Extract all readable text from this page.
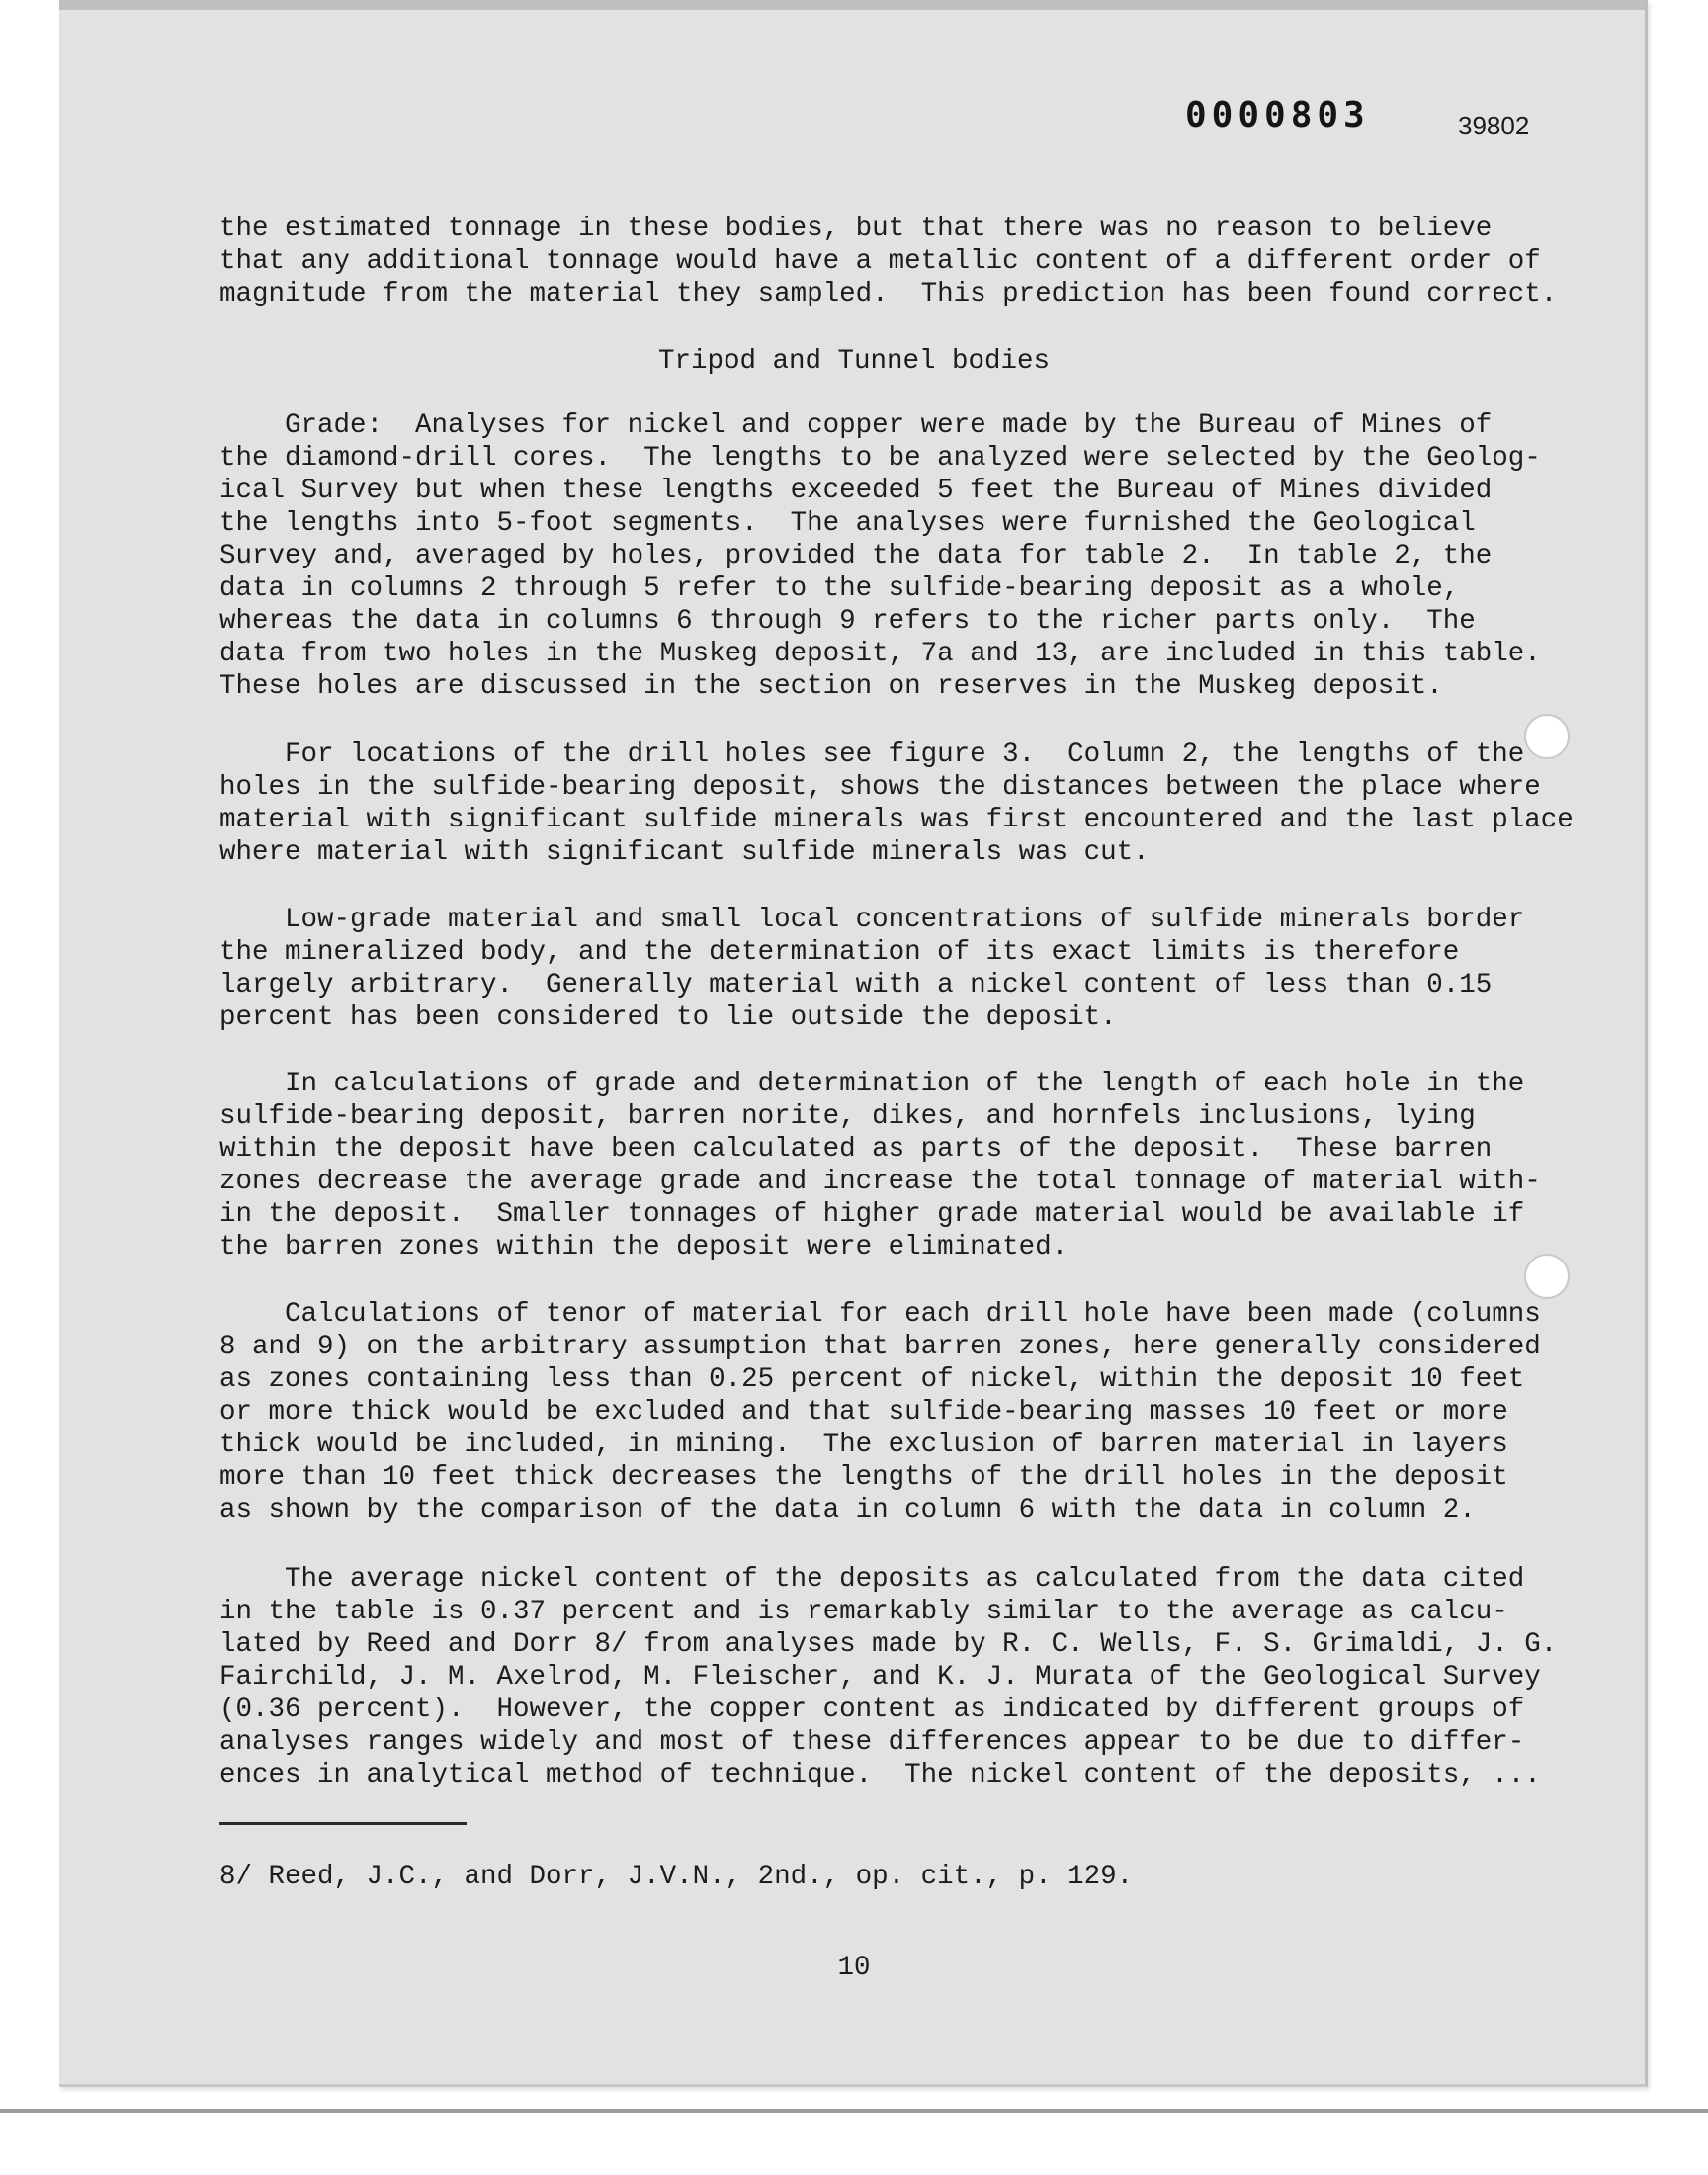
0000803	39802

the estimated tonnage in these bodies, but that there was no reason to believe
that any additional tonnage would have a metallic content of a different order of
magnitude from the material they sampled.  This prediction has been found correct.

Tripod and Tunnel bodies

Grade:  Analyses for nickel and copper were made by the Bureau of Mines of
the diamond-drill cores.  The lengths to be analyzed were selected by the Geolog-
ical Survey but when these lengths exceeded 5 feet the Bureau of Mines divided
the lengths into 5-foot segments.  The analyses were furnished the Geological
Survey and, averaged by holes, provided the data for table 2.  In table 2, the
data in columns 2 through 5 refer to the sulfide-bearing deposit as a whole,
whereas the data in columns 6 through 9 refers to the richer parts only.  The
data from two holes in the Muskeg deposit, 7a and 13, are included in this table.
These holes are discussed in the section on reserves in the Muskeg deposit.

For locations of the drill holes see figure 3.  Column 2, the lengths of the
holes in the sulfide-bearing deposit, shows the distances between the place where
material with significant sulfide minerals was first encountered and the last place
where material with significant sulfide minerals was cut.

Low-grade material and small local concentrations of sulfide minerals border
the mineralized body, and the determination of its exact limits is therefore
largely arbitrary.  Generally material with a nickel content of less than 0.15
percent has been considered to lie outside the deposit.

In calculations of grade and determination of the length of each hole in the
sulfide-bearing deposit, barren norite, dikes, and hornfels inclusions, lying
within the deposit have been calculated as parts of the deposit.  These barren
zones decrease the average grade and increase the total tonnage of material with-
in the deposit.  Smaller tonnages of higher grade material would be available if
the barren zones within the deposit were eliminated.

Calculations of tenor of material for each drill hole have been made (columns
8 and 9) on the arbitrary assumption that barren zones, here generally considered
as zones containing less than 0.25 percent of nickel, within the deposit 10 feet
or more thick would be excluded and that sulfide-bearing masses 10 feet or more
thick would be included, in mining.  The exclusion of barren material in layers
more than 10 feet thick decreases the lengths of the drill holes in the deposit
as shown by the comparison of the data in column 6 with the data in column 2.

The average nickel content of the deposits as calculated from the data cited
in the table is 0.37 percent and is remarkably similar to the average as calcu-
lated by Reed and Dorr 8/ from analyses made by R. C. Wells, F. S. Grimaldi, J. G.
Fairchild, J. M. Axelrod, M. Fleischer, and K. J. Murata of the Geological Survey
(0.36 percent).  However, the copper content as indicated by different groups of
analyses ranges widely and most of these differences appear to be due to differ-
ences in analytical method of technique.  The nickel content of the deposits, ...

8/ Reed, J.C., and Dorr, J.V.N., 2nd., op. cit., p. 129.

10
